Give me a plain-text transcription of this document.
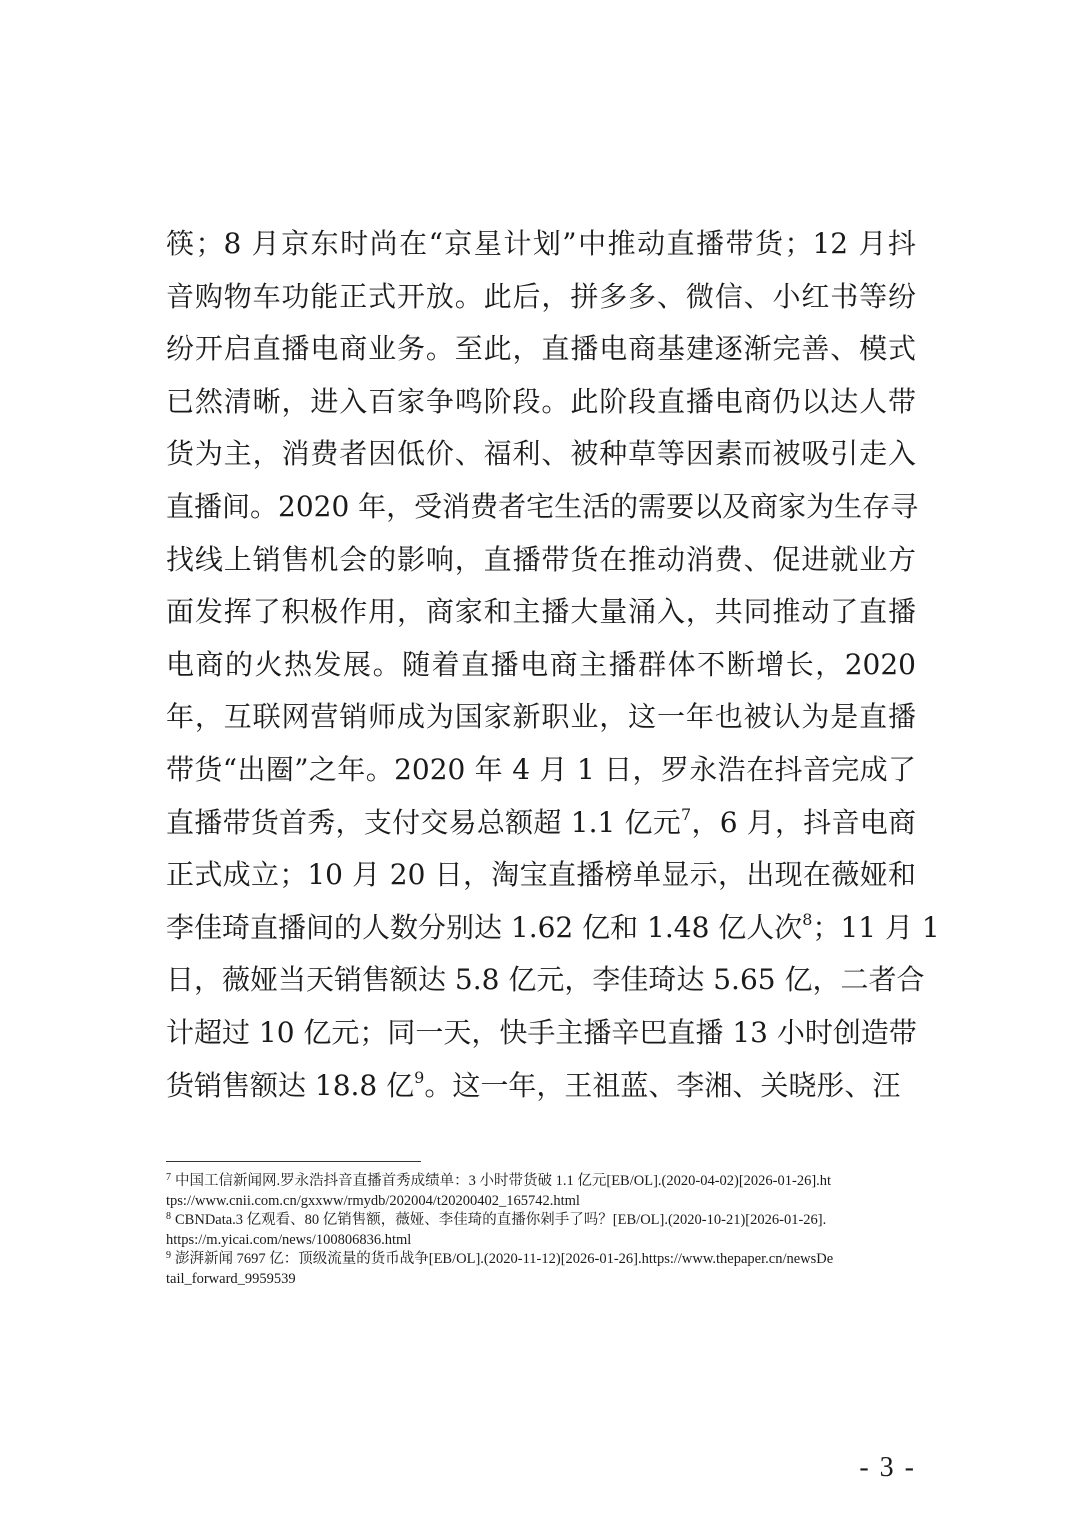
筷；8 月京东时尚在“京星计划”中推动直播带货；12 月抖
音购物车功能正式开放。此后，拼多多、微信、小红书等纷
纷开启直播电商业务。至此，直播电商基建逐渐完善、模式
已然清晰，进入百家争鸣阶段。此阶段直播电商仍以达人带
货为主，消费者因低价、福利、被种草等因素而被吸引走入
直播间。2020 年，受消费者宅生活的需要以及商家为生存寻
找线上销售机会的影响，直播带货在推动消费、促进就业方
面发挥了积极作用，商家和主播大量涌入，共同推动了直播
电商的火热发展。随着直播电商主播群体不断增长，2020
年，互联网营销师成为国家新职业，这一年也被认为是直播
带货“出圈”之年。2020 年 4 月 1 日，罗永浩在抖音完成了
直播带货首秀，支付交易总额超 1.1 亿元$^7$，6 月，抖音电商
正式成立；10 月 20 日，淘宝直播榜单显示，出现在薇娅和
李佳琦直播间的人数分别达 1.62 亿和 1.48 亿人次$^8$；11 月 1
日，薇娅当天销售额达 5.8 亿元，李佳琦达 5.65 亿，二者合
计超过 10 亿元；同一天，快手主播辛巴直播 13 小时创造带
货销售额达 18.8 亿$^9$。这一年，王祖蓝、李湘、关晓彤、汪
$^7$ 中国工信新闻网.罗永浩抖音直播首秀成绩单：3 小时带货破 1.1 亿元[EB/OL].(2020-04-02)[2026-01-26].ht
tps://www.cnii.com.cn/gxxww/rmydb/202004/t20200402_165742.html
$^8$ CBNData.3 亿观看、80 亿销售额，薇娅、李佳琦的直播你剁手了吗？[EB/OL].(2020-10-21)[2026-01-26].
https://m.yicai.com/news/100806836.html
$^9$ 澎湃新闻 7697 亿：顶级流量的货币战争[EB/OL].(2020-11-12)[2026-01-26].https://www.thepaper.cn/newsDe
tail_forward_9959539
- 3 -
